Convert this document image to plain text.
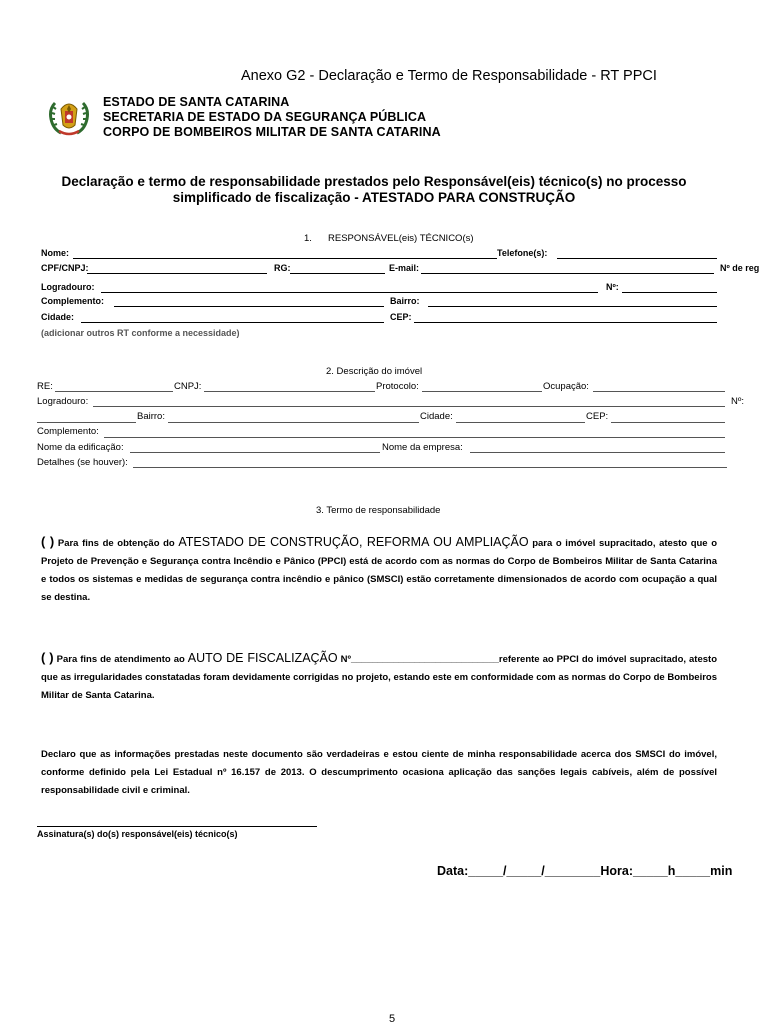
Anexo G2 - Declaração e Termo de Responsabilidade - RT PPCI
ESTADO DE SANTA CATARINA
SECRETARIA DE ESTADO DA SEGURANÇA PÚBLICA
CORPO DE BOMBEIROS MILITAR DE SANTA CATARINA
Declaração e termo de responsabilidade prestados pelo Responsável(eis) técnico(s) no processo
simplificado de fiscalização - ATESTADO PARA CONSTRUÇÃO
1. RESPONSÁVEL(eis) TÉCNICO(s)
Nome:	Telefone(s):
CPF/CNPJ:	RG:	E-mail:	Nº de reg
Logradouro:	Nº:
Complemento:	Bairro:
Cidade:	CEP:
(adicionar outros RT conforme a necessidade)
2. Descrição do imóvel
RE:	CNPJ:	Protocolo:	Ocupação:
Logradouro:	Nº:
Bairro:	Cidade:	CEP:
Complemento:
Nome da edificação:	Nome da empresa:
Detalhes (se houver):
3. Termo de responsabilidade
( ) Para fins de obtenção do ATESTADO DE CONSTRUÇÃO, REFORMA OU AMPLIAÇÃO para o imóvel supracitado, atesto que o Projeto de Prevenção e Segurança contra Incêndio e Pânico (PPCI) está de acordo com as normas do Corpo de Bombeiros Militar de Santa Catarina e todos os sistemas e medidas de segurança contra incêndio e pânico (SMSCI) estão corretamente dimensionados de acordo com ocupação a qual se destina.
( ) Para fins de atendimento ao AUTO DE FISCALIZAÇÃO Nº____________________________referente ao PPCI do imóvel supracitado, atesto que as irregularidades constatadas foram devidamente corrigidas no projeto, estando este em conformidade com as normas do Corpo de Bombeiros Militar de Santa Catarina.
Declaro que as informações prestadas neste documento são verdadeiras e estou ciente de minha responsabilidade acerca dos SMSCI do imóvel, conforme definido pela Lei Estadual nº 16.157 de 2013. O descumprimento ocasiona aplicação das sanções legais cabíveis, além de possível responsabilidade civil e criminal.
Assinatura(s) do(s) responsável(eis) técnico(s)
Data:_____/_____/________Hora:_____h_____min
5
